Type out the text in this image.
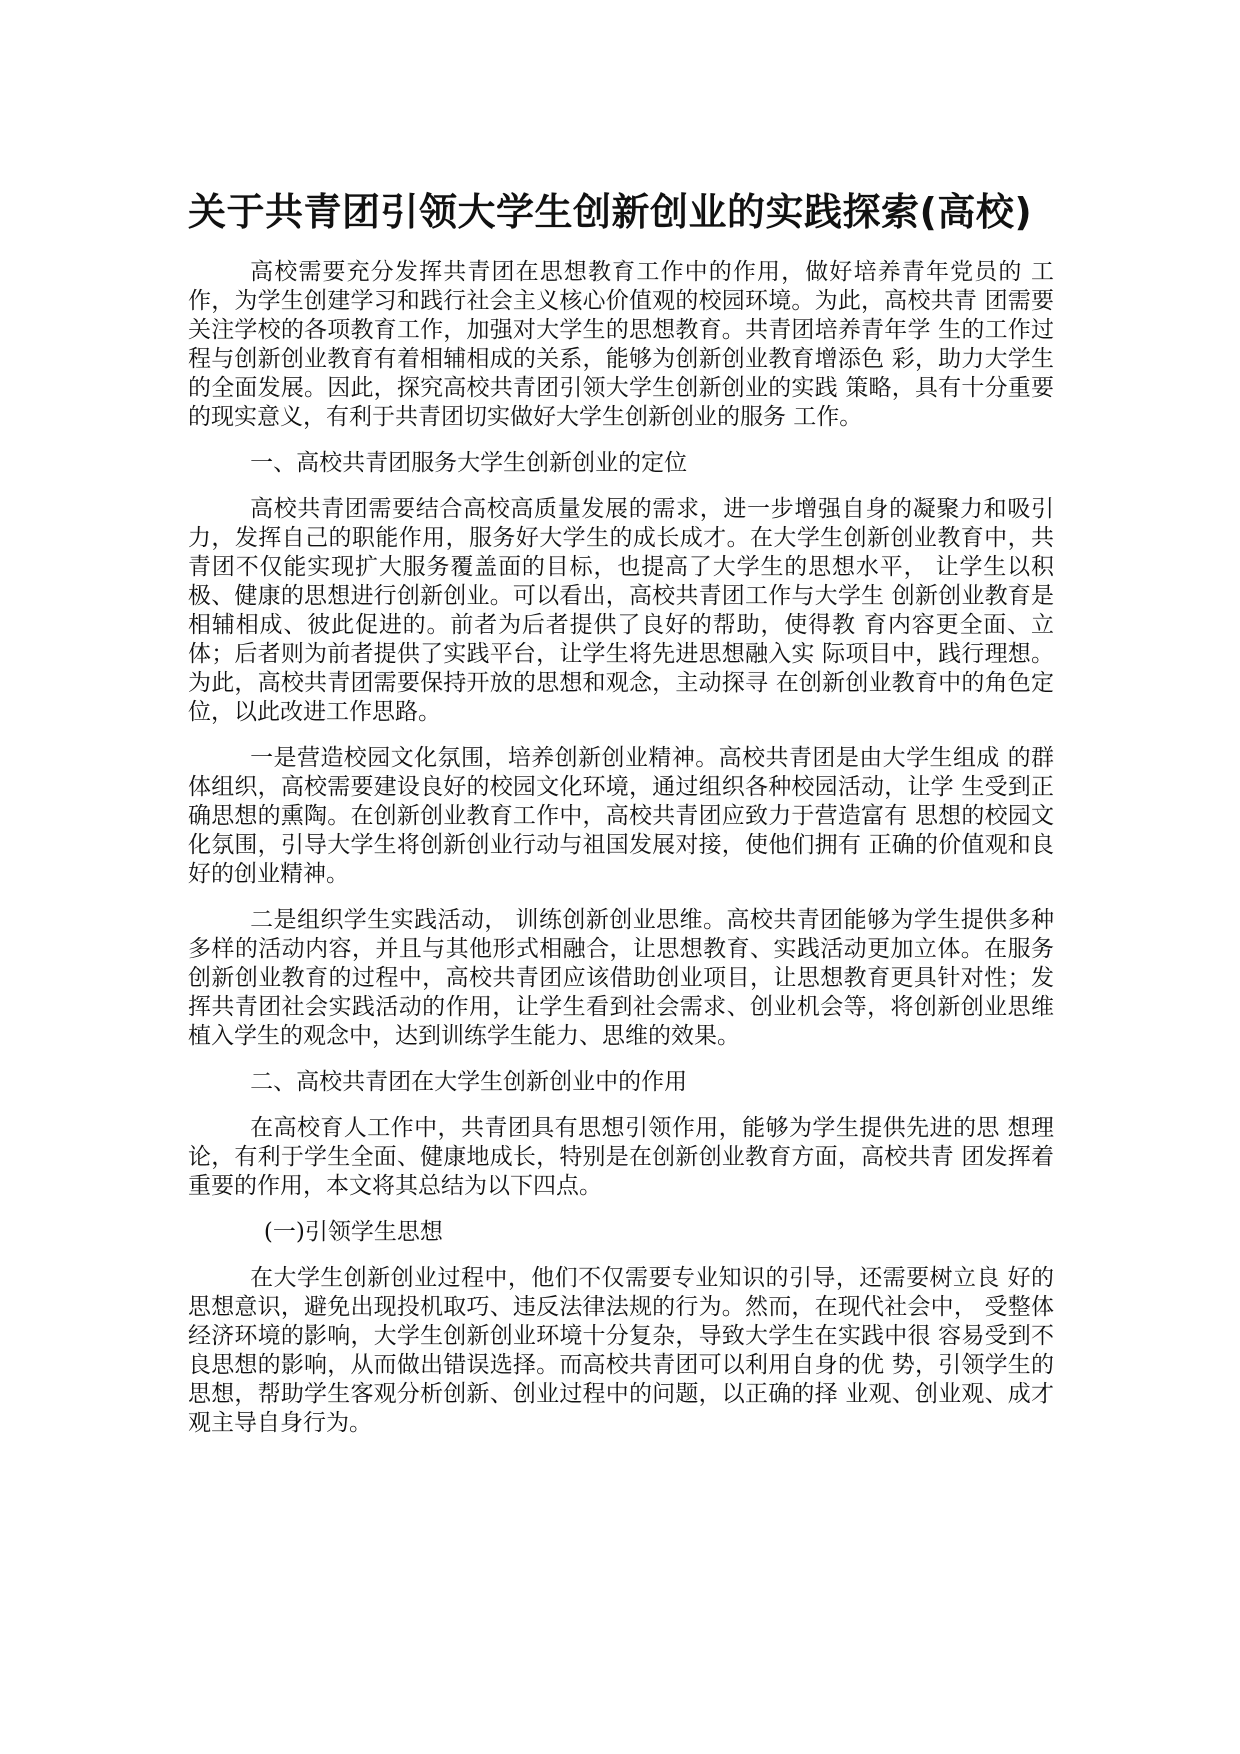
关于共青团引领大学生创新创业的实践探索(高校)

高校需要充分发挥共青团在思想教育工作中的作用，做好培养青年党员的 工作，为学生创建学习和践行社会主义核心价值观的校园环境。为此，高校共青 团需要关注学校的各项教育工作，加强对大学生的思想教育。共青团培养青年学 生的工作过程与创新创业教育有着相辅相成的关系，能够为创新创业教育增添色 彩，助力大学生的全面发展。因此，探究高校共青团引领大学生创新创业的实践 策略，具有十分重要的现实意义，有利于共青团切实做好大学生创新创业的服务 工作。

一、高校共青团服务大学生创新创业的定位

高校共青团需要结合高校高质量发展的需求，进一步增强自身的凝聚力和吸引力，发挥自己的职能作用，服务好大学生的成长成才。在大学生创新创业教育中，共青团不仅能实现扩大服务覆盖面的目标，也提高了大学生的思想水平， 让学生以积极、健康的思想进行创新创业。可以看出，高校共青团工作与大学生 创新创业教育是相辅相成、彼此促进的。前者为后者提供了良好的帮助，使得教 育内容更全面、立体；后者则为前者提供了实践平台，让学生将先进思想融入实 际项目中，践行理想。为此，高校共青团需要保持开放的思想和观念，主动探寻 在创新创业教育中的角色定位，以此改进工作思路。

一是营造校园文化氛围，培养创新创业精神。高校共青团是由大学生组成 的群体组织，高校需要建设良好的校园文化环境，通过组织各种校园活动，让学 生受到正确思想的熏陶。在创新创业教育工作中，高校共青团应致力于营造富有 思想的校园文化氛围，引导大学生将创新创业行动与祖国发展对接，使他们拥有 正确的价值观和良好的创业精神。

二是组织学生实践活动， 训练创新创业思维。高校共青团能够为学生提供多种多样的活动内容，并且与其他形式相融合，让思想教育、实践活动更加立体。在服务创新创业教育的过程中，高校共青团应该借助创业项目，让思想教育更具针对性；发挥共青团社会实践活动的作用，让学生看到社会需求、创业机会等，将创新创业思维植入学生的观念中，达到训练学生能力、思维的效果。

二、高校共青团在大学生创新创业中的作用

在高校育人工作中，共青团具有思想引领作用，能够为学生提供先进的思 想理论，有利于学生全面、健康地成长，特别是在创新创业教育方面，高校共青 团发挥着重要的作用，本文将其总结为以下四点。

(一)引领学生思想

在大学生创新创业过程中，他们不仅需要专业知识的引导，还需要树立良 好的思想意识，避免出现投机取巧、违反法律法规的行为。然而，在现代社会中， 受整体经济环境的影响，大学生创新创业环境十分复杂，导致大学生在实践中很 容易受到不良思想的影响，从而做出错误选择。而高校共青团可以利用自身的优 势，引领学生的思想，帮助学生客观分析创新、创业过程中的问题，以正确的择 业观、创业观、成才观主导自身行为。
